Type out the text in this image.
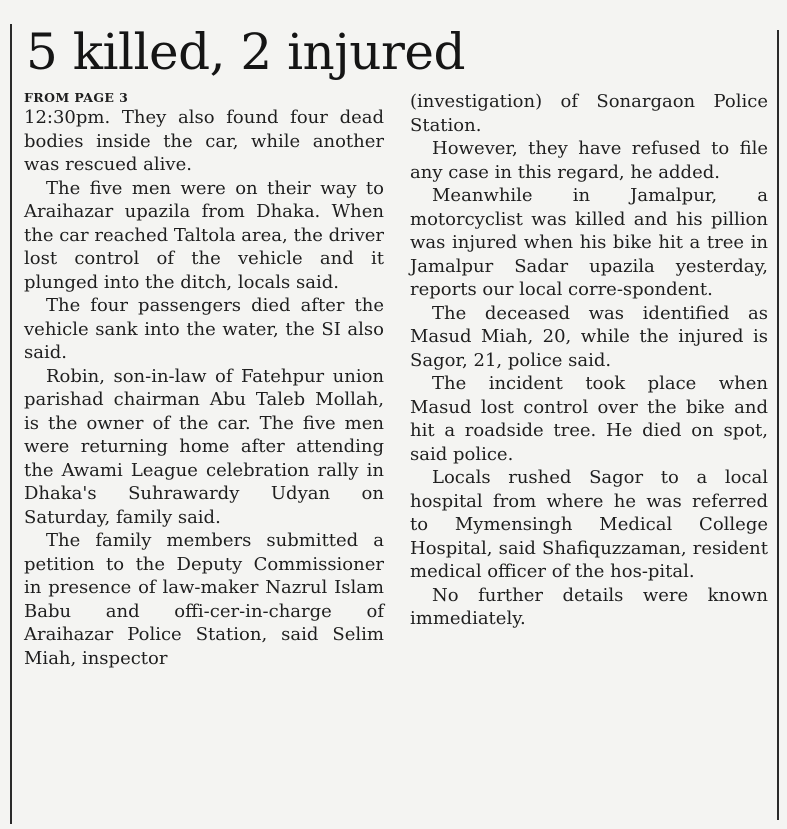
5 killed, 2 injured
FROM PAGE 3

12:30pm. They also found four dead bodies inside the car, while another was rescued alive.

The five men were on their way to Araihazar upazila from Dhaka. When the car reached Taltola area, the driver lost control of the vehicle and it plunged into the ditch, locals said.

The four passengers died after the vehicle sank into the water, the SI also said.

Robin, son-in-law of Fatehpur union parishad chairman Abu Taleb Mollah, is the owner of the car. The five men were returning home after attending the Awami League celebration rally in Dhaka's Suhrawardy Udyan on Saturday, family said.

The family members submitted a petition to the Deputy Commissioner in presence of law-maker Nazrul Islam Babu and offi-cer-in-charge of Araihazar Police Station, said Selim Miah, inspector

(investigation) of Sonargaon Police Station.

However, they have refused to file any case in this regard, he added.

Meanwhile in Jamalpur, a motorcyclist was killed and his pillion was injured when his bike hit a tree in Jamalpur Sadar upazila yesterday, reports our local corre-spondent.

The deceased was identified as Masud Miah, 20, while the injured is Sagor, 21, police said.

The incident took place when Masud lost control over the bike and hit a roadside tree. He died on spot, said police.

Locals rushed Sagor to a local hospital from where he was referred to Mymensingh Medical College Hospital, said Shafiquzzaman, resident medical officer of the hos-pital.

No further details were known immediately.
